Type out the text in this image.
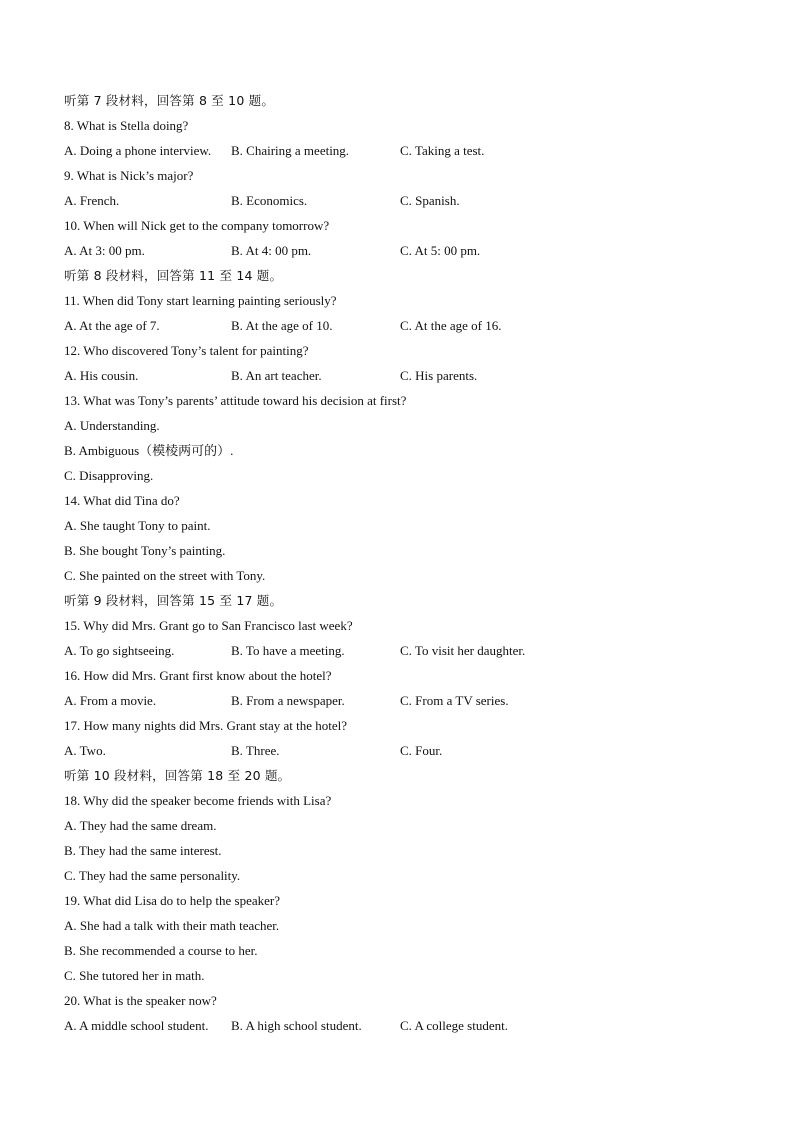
听第 7 段材料，回答第 8 至 10 题。
8. What is Stella doing?
A. Doing a phone interview.	B. Chairing a meeting.	C. Taking a test.
9. What is Nick’s major?
A. French.	B. Economics.	C. Spanish.
10. When will Nick get to the company tomorrow?
A. At 3: 00 pm.	B. At 4: 00 pm.	C. At 5: 00 pm.
听第 8 段材料，回答第 11 至 14 题。
11. When did Tony start learning painting seriously?
A. At the age of 7.	B. At the age of 10.	C. At the age of 16.
12. Who discovered Tony’s talent for painting?
A. His cousin.	B. An art teacher.	C. His parents.
13. What was Tony’s parents’ attitude toward his decision at first?
A. Understanding.
B. Ambiguous（模棱两可的）.
C. Disapproving.
14. What did Tina do?
A. She taught Tony to paint.
B. She bought Tony’s painting.
C. She painted on the street with Tony.
听第 9 段材料，回答第 15 至 17 题。
15. Why did Mrs. Grant go to San Francisco last week?
A. To go sightseeing.	B. To have a meeting.	C. To visit her daughter.
16. How did Mrs. Grant first know about the hotel?
A. From a movie.	B. From a newspaper.	C. From a TV series.
17. How many nights did Mrs. Grant stay at the hotel?
A. Two.	B. Three.	C. Four.
听第 10 段材料，回答第 18 至 20 题。
18. Why did the speaker become friends with Lisa?
A. They had the same dream.
B. They had the same interest.
C. They had the same personality.
19. What did Lisa do to help the speaker?
A. She had a talk with their math teacher.
B. She recommended a course to her.
C. She tutored her in math.
20. What is the speaker now?
A. A middle school student.	B. A high school student.	C. A college student.
